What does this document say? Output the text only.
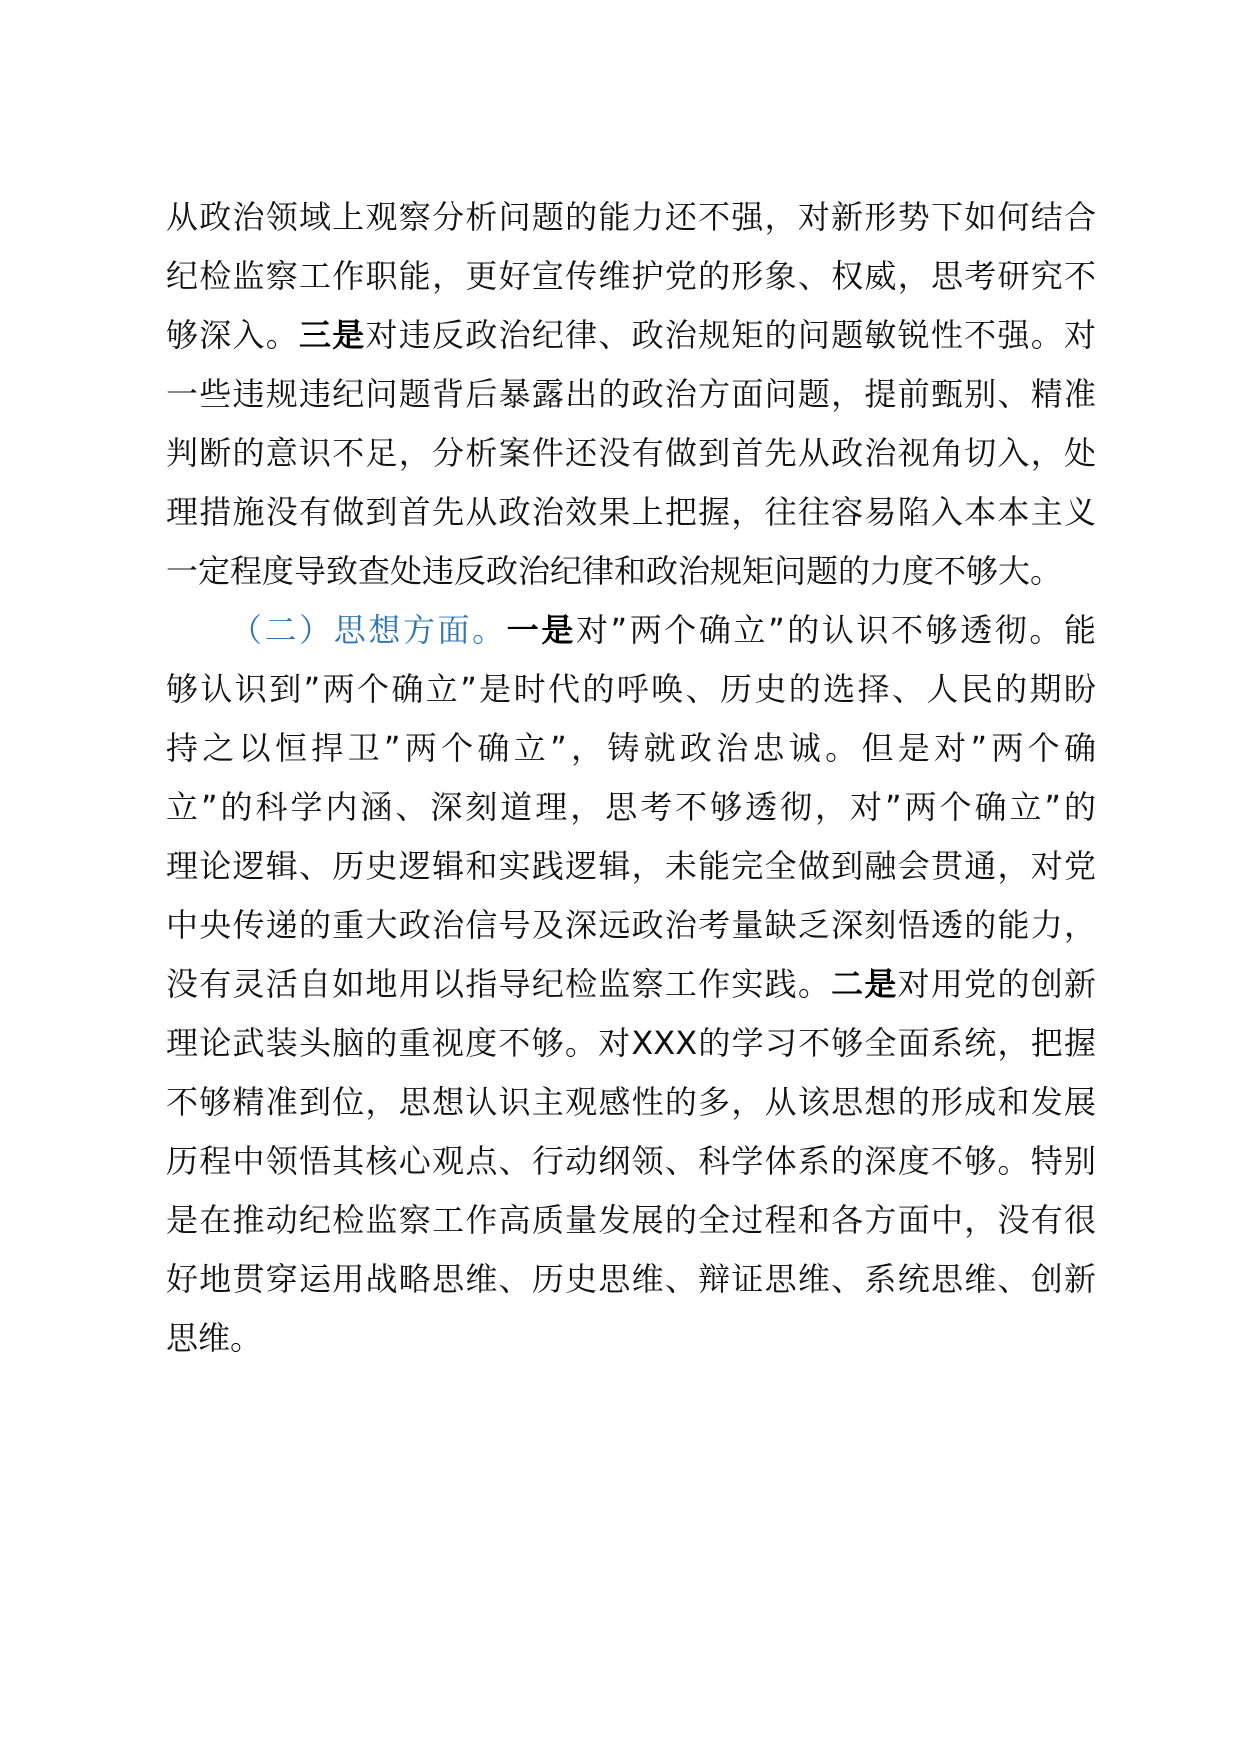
从政治领域上观察分析问题的能力还不强，对新形势下如何结合
纪检监察工作职能，更好宣传维护党的形象、权威，思考研究不
够深入。三是对违反政治纪律、政治规矩的问题敏锐性不强。对
一些违规违纪问题背后暴露出的政治方面问题，提前甄别、精准
判断的意识不足，分析案件还没有做到首先从政治视角切入，处
理措施没有做到首先从政治效果上把握，往往容易陷入本本主义
一定程度导致查处违反政治纪律和政治规矩问题的力度不够大。
（二）思想方面。一是对”两个确立”的认识不够透彻。能
够认识到”两个确立”是时代的呼唤、历史的选择、人民的期盼
持之以恒捍卫”两个确立”，铸就政治忠诚。但是对”两个确
立”的科学内涵、深刻道理，思考不够透彻，对”两个确立”的
理论逻辑、历史逻辑和实践逻辑，未能完全做到融会贯通，对党
中央传递的重大政治信号及深远政治考量缺乏深刻悟透的能力，
没有灵活自如地用以指导纪检监察工作实践。二是对用党的创新
理论武装头脑的重视度不够。对XXX的学习不够全面系统，把握
不够精准到位，思想认识主观感性的多，从该思想的形成和发展
历程中领悟其核心观点、行动纲领、科学体系的深度不够。特别
是在推动纪检监察工作高质量发展的全过程和各方面中，没有很
好地贯穿运用战略思维、历史思维、辩证思维、系统思维、创新
思维。
